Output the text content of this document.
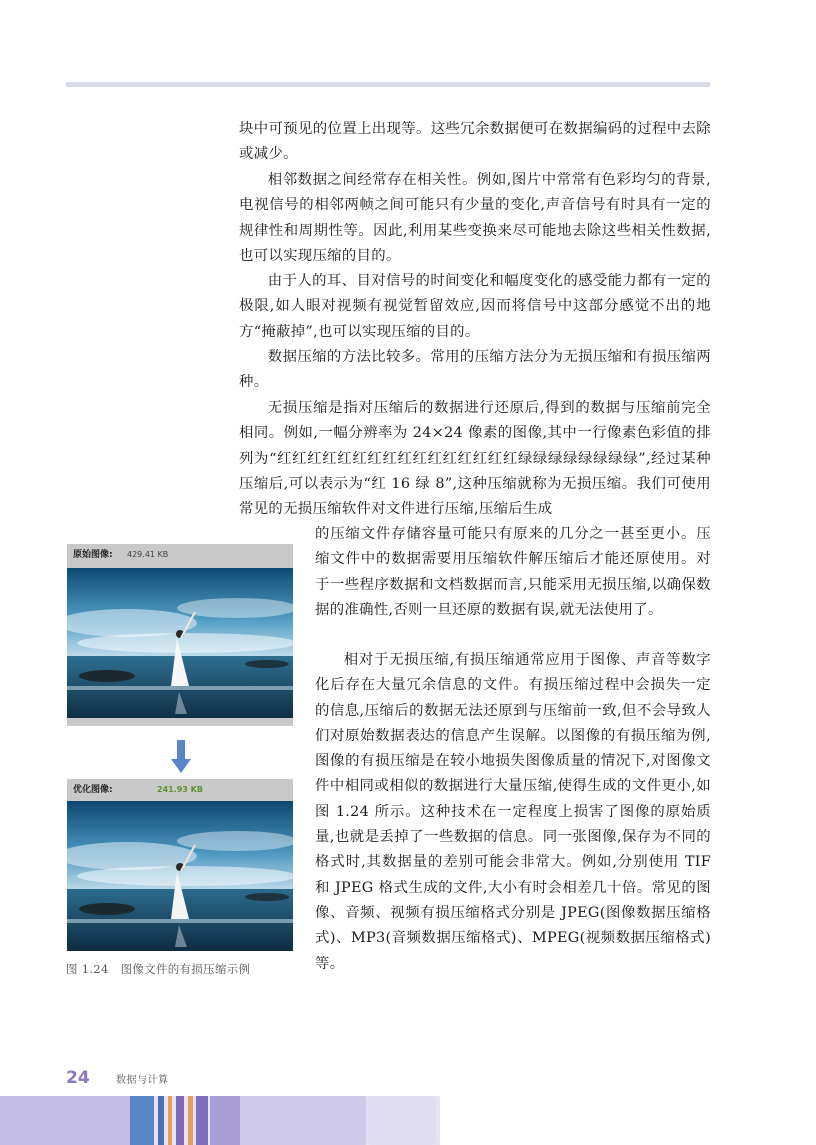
块中可预见的位置上出现等。这些冗余数据便可在数据编码的过程中去除或减少。

相邻数据之间经常存在相关性。例如,图片中常常有色彩均匀的背景,电视信号的相邻两帧之间可能只有少量的变化,声音信号有时具有一定的规律性和周期性等。因此,利用某些变换来尽可能地去除这些相关性数据,也可以实现压缩的目的。

由于人的耳、目对信号的时间变化和幅度变化的感受能力都有一定的极限,如人眼对视频有视觉暂留效应,因而将信号中这部分感觉不出的地方“掩蔽掉”,也可以实现压缩的目的。

数据压缩的方法比较多。常用的压缩方法分为无损压缩和有损压缩两种。

无损压缩是指对压缩后的数据进行还原后,得到的数据与压缩前完全相同。例如,一幅分辨率为 24×24 像素的图像,其中一行像素色彩值的排列为“红红红红红红红红红红红红红红红红绿绿绿绿绿绿绿绿”,经过某种压缩后,可以表示为“红 16 绿 8”,这种压缩就称为无损压缩。我们可使用常见的无损压缩软件对文件进行压缩,压缩后生成

的压缩文件存储容量可能只有原来的几分之一甚至更小。压缩文件中的数据需要用压缩软件解压缩后才能还原使用。对于一些程序数据和文档数据而言,只能采用无损压缩,以确保数据的准确性,否则一旦还原的数据有误,就无法使用了。

相对于无损压缩,有损压缩通常应用于图像、声音等数字化后存在大量冗余信息的文件。有损压缩过程中会损失一定的信息,压缩后的数据无法还原到与压缩前一致,但不会导致人们对原始数据表达的信息产生误解。以图像的有损压缩为例,图像的有损压缩是在较小地损失图像质量的情况下,对图像文件中相同或相似的数据进行大量压缩,使得生成的文件更小,如图 1.24 所示。这种技术在一定程度上损害了图像的原始质量,也就是丢掉了一些数据的信息。同一张图像,保存为不同的格式时,其数据量的差别可能会非常大。例如,分别使用 TIF 和 JPEG 格式生成的文件,大小有时会相差几十倍。常见的图像、音频、视频有损压缩格式分别是 JPEG(图像数据压缩格式)、MP3(音频数据压缩格式)、MPEG(视频数据压缩格式)等。

原始图像: 429.41 KB
优化图像:	241.93 KB

图 1.24 图像文件的有损压缩示例

24	数据与计算
